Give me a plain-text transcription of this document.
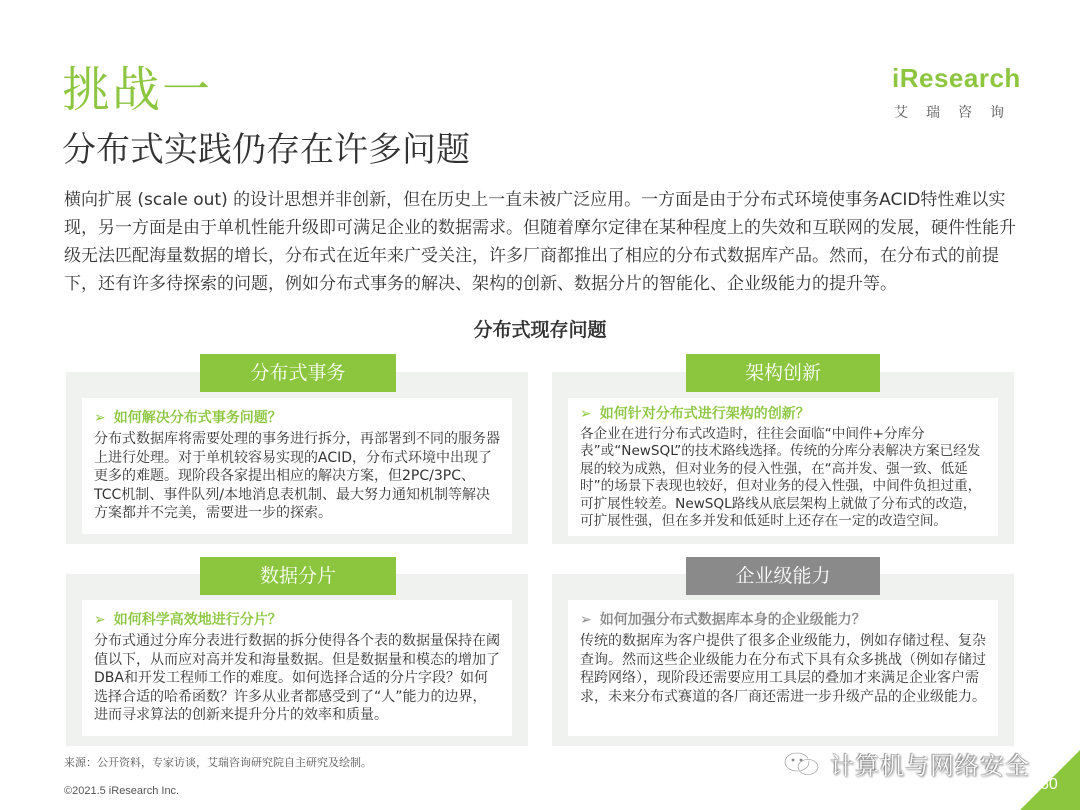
挑战一
分布式实践仍存在许多问题
iResearch
艾瑞咨询
横向扩展 (scale out) 的设计思想并非创新，但在历史上一直未被广泛应用。一方面是由于分布式环境使事务ACID特性难以实现，另一方面是由于单机性能升级即可满足企业的数据需求。但随着摩尔定律在某种程度上的失效和互联网的发展，硬件性能升级无法匹配海量数据的增长，分布式在近年来广受关注，许多厂商都推出了相应的分布式数据库产品。然而，在分布式的前提下，还有许多待探索的问题，例如分布式事务的解决、架构的创新、数据分片的智能化、企业级能力的提升等。
分布式现存问题
➢ 如何解决分布式事务问题？
分布式数据库将需要处理的事务进行拆分，再部署到不同的服务器上进行处理。对于单机较容易实现的ACID，分布式环境中出现了更多的难题。现阶段各家提出相应的解决方案，但2PC/3PC、TCC机制、事件队列/本地消息表机制、最大努力通知机制等解决方案都并不完美，需要进一步的探索。
分布式事务
➢ 如何针对分布式进行架构的创新？
各企业在进行分布式改造时，往往会面临“中间件+分库分表”或“NewSQL”的技术路线选择。传统的分库分表解决方案已经发展的较为成熟，但对业务的侵入性强，在“高并发、强一致、低延时”的场景下表现也较好，但对业务的侵入性强，中间件负担过重，可扩展性较差。NewSQL路线从底层架构上就做了分布式的改造，可扩展性强，但在多并发和低延时上还存在一定的改造空间。
架构创新
➢ 如何科学高效地进行分片？
分布式通过分库分表进行数据的拆分使得各个表的数据量保持在阈值以下，从而应对高并发和海量数据。但是数据量和模态的增加了DBA和开发工程师工作的难度。如何选择合适的分片字段？如何选择合适的哈希函数？许多从业者都感受到了“人”能力的边界，进而寻求算法的创新来提升分片的效率和质量。
数据分片
➢ 如何加强分布式数据库本身的企业级能力？
传统的数据库为客户提供了很多企业级能力，例如存储过程、复杂查询。然而这些企业级能力在分布式下具有众多挑战（例如存储过程跨网络），现阶段还需要应用工具层的叠加才来满足企业客户需求，未来分布式赛道的各厂商还需进一步升级产品的企业级能力。
企业级能力
来源：公开资料，专家访谈，艾瑞咨询研究院自主研究及绘制。
©2021.5 iResearch Inc.
计算机与网络安全
60
